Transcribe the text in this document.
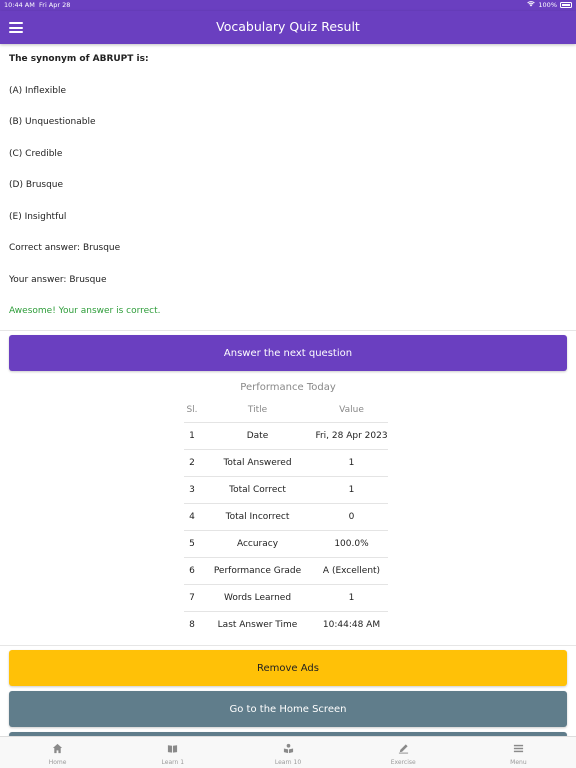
10:44 AM Fri Apr 28	100%
Vocabulary Quiz Result
The synonym of ABRUPT is:
(A) Inflexible
(B) Unquestionable
(C) Credible
(D) Brusque
(E) Insightful
Correct answer: Brusque
Your answer: Brusque
Awesome! Your answer is correct.
Answer the next question
Performance Today
Sl.	Title	Value
1	Date	Fri, 28 Apr 2023
2	Total Answered	1
3	Total Correct	1
4	Total Incorrect	0
5	Accuracy	100.0%
6	Performance Grade	A (Excellent)
7	Words Learned	1
8	Last Answer Time	10:44:48 AM
Remove Ads
Go to the Home Screen
Home	Learn 1	Learn 10	Exercise	Menu
